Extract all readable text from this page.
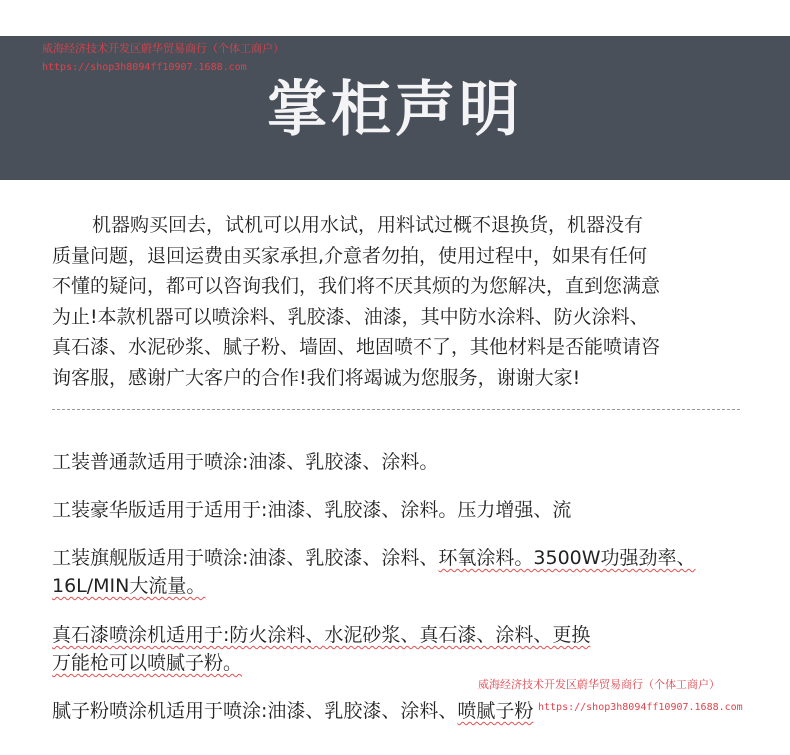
威海经济技术开发区蔚华贸易商行（个体工商户）
https://shop3h8094ff10907.1688.com
掌柜声明
机器购买回去，试机可以用水试，用料试过概不退换货，机器没有
质量问题，退回运费由买家承担,介意者勿拍，使用过程中，如果有任何
不懂的疑问，都可以咨询我们，我们将不厌其烦的为您解决，直到您满意
为止!本款机器可以喷涂料、乳胶漆、油漆，其中防水涂料、防火涂料、
真石漆、水泥砂浆、腻子粉、墙固、地固喷不了，其他材料是否能喷请咨
询客服，感谢广大客户的合作!我们将竭诚为您服务，谢谢大家!
工装普通款适用于喷涂:油漆、乳胶漆、涂料。
工装豪华版适用于适用于:油漆、乳胶漆、涂料。压力增强、流
工装旗舰版适用于喷涂:油漆、乳胶漆、涂料、环氧涂料。3500W功强劲率、
16L/MIN大流量。
真石漆喷涂机适用于:防火涂料、水泥砂浆、真石漆、涂料、更换
万能枪可以喷腻子粉。
腻子粉喷涂机适用于喷涂:油漆、乳胶漆、涂料、喷腻子粉
威海经济技术开发区蔚华贸易商行（个体工商户）
https://shop3h8094ff10907.1688.com
